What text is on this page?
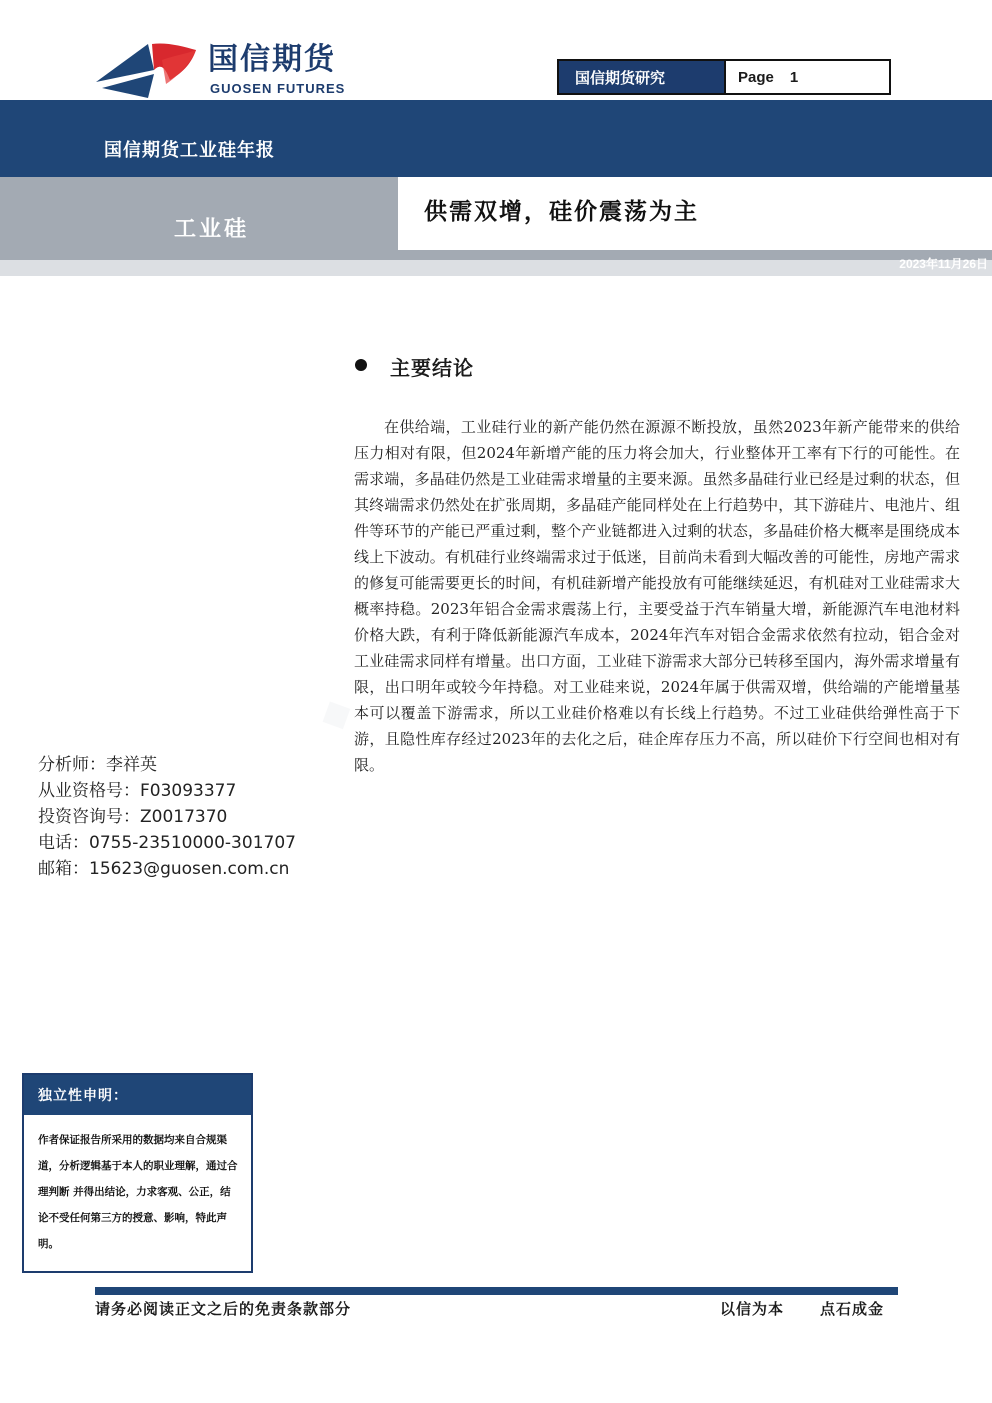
国信期货
GUOSEN FUTURES
国信期货研究	Page 1
国信期货工业硅年报
工业硅
供需双增，硅价震荡为主
2023年11月26日
◆
主要结论

在供给端，工业硅行业的新产能仍然在源源不断投放，虽然2023年新产能带来的供给压力相对有限，但2024年新增产能的压力将会加大，行业整体开工率有下行的可能性。在需求端，多晶硅仍然是工业硅需求增量的主要来源。虽然多晶硅行业已经是过剩的状态，但其终端需求仍然处在扩张周期，多晶硅产能同样处在上行趋势中，其下游硅片、电池片、组件等环节的产能已严重过剩，整个产业链都进入过剩的状态，多晶硅价格大概率是围绕成本线上下波动。有机硅行业终端需求过于低迷，目前尚未看到大幅改善的可能性，房地产需求的修复可能需要更长的时间，有机硅新增产能投放有可能继续延迟，有机硅对工业硅需求大概率持稳。2023年铝合金需求震荡上行，主要受益于汽车销量大增，新能源汽车电池材料价格大跌，有利于降低新能源汽车成本，2024年汽车对铝合金需求依然有拉动，铝合金对工业硅需求同样有增量。出口方面，工业硅下游需求大部分已转移至国内，海外需求增量有限，出口明年或较今年持稳。对工业硅来说，2024年属于供需双增，供给端的产能增量基本可以覆盖下游需求，所以工业硅价格难以有长线上行趋势。不过工业硅供给弹性高于下游，且隐性库存经过2023年的去化之后，硅企库存压力不高，所以硅价下行空间也相对有限。

分析师：李祥英
从业资格号：F03093377
投资咨询号：Z0017370
电话：0755-23510000-301707
邮箱：15623@guosen.com.cn
独立性申明：
作者保证报告所采用的数据均来自合规渠道，分析逻辑基于本人的职业理解，通过合理判断 并得出结论，力求客观、公正，结论不受任何第三方的授意、影响，特此声明。
请务必阅读正文之后的免责条款部分	以信为本 点石成金
